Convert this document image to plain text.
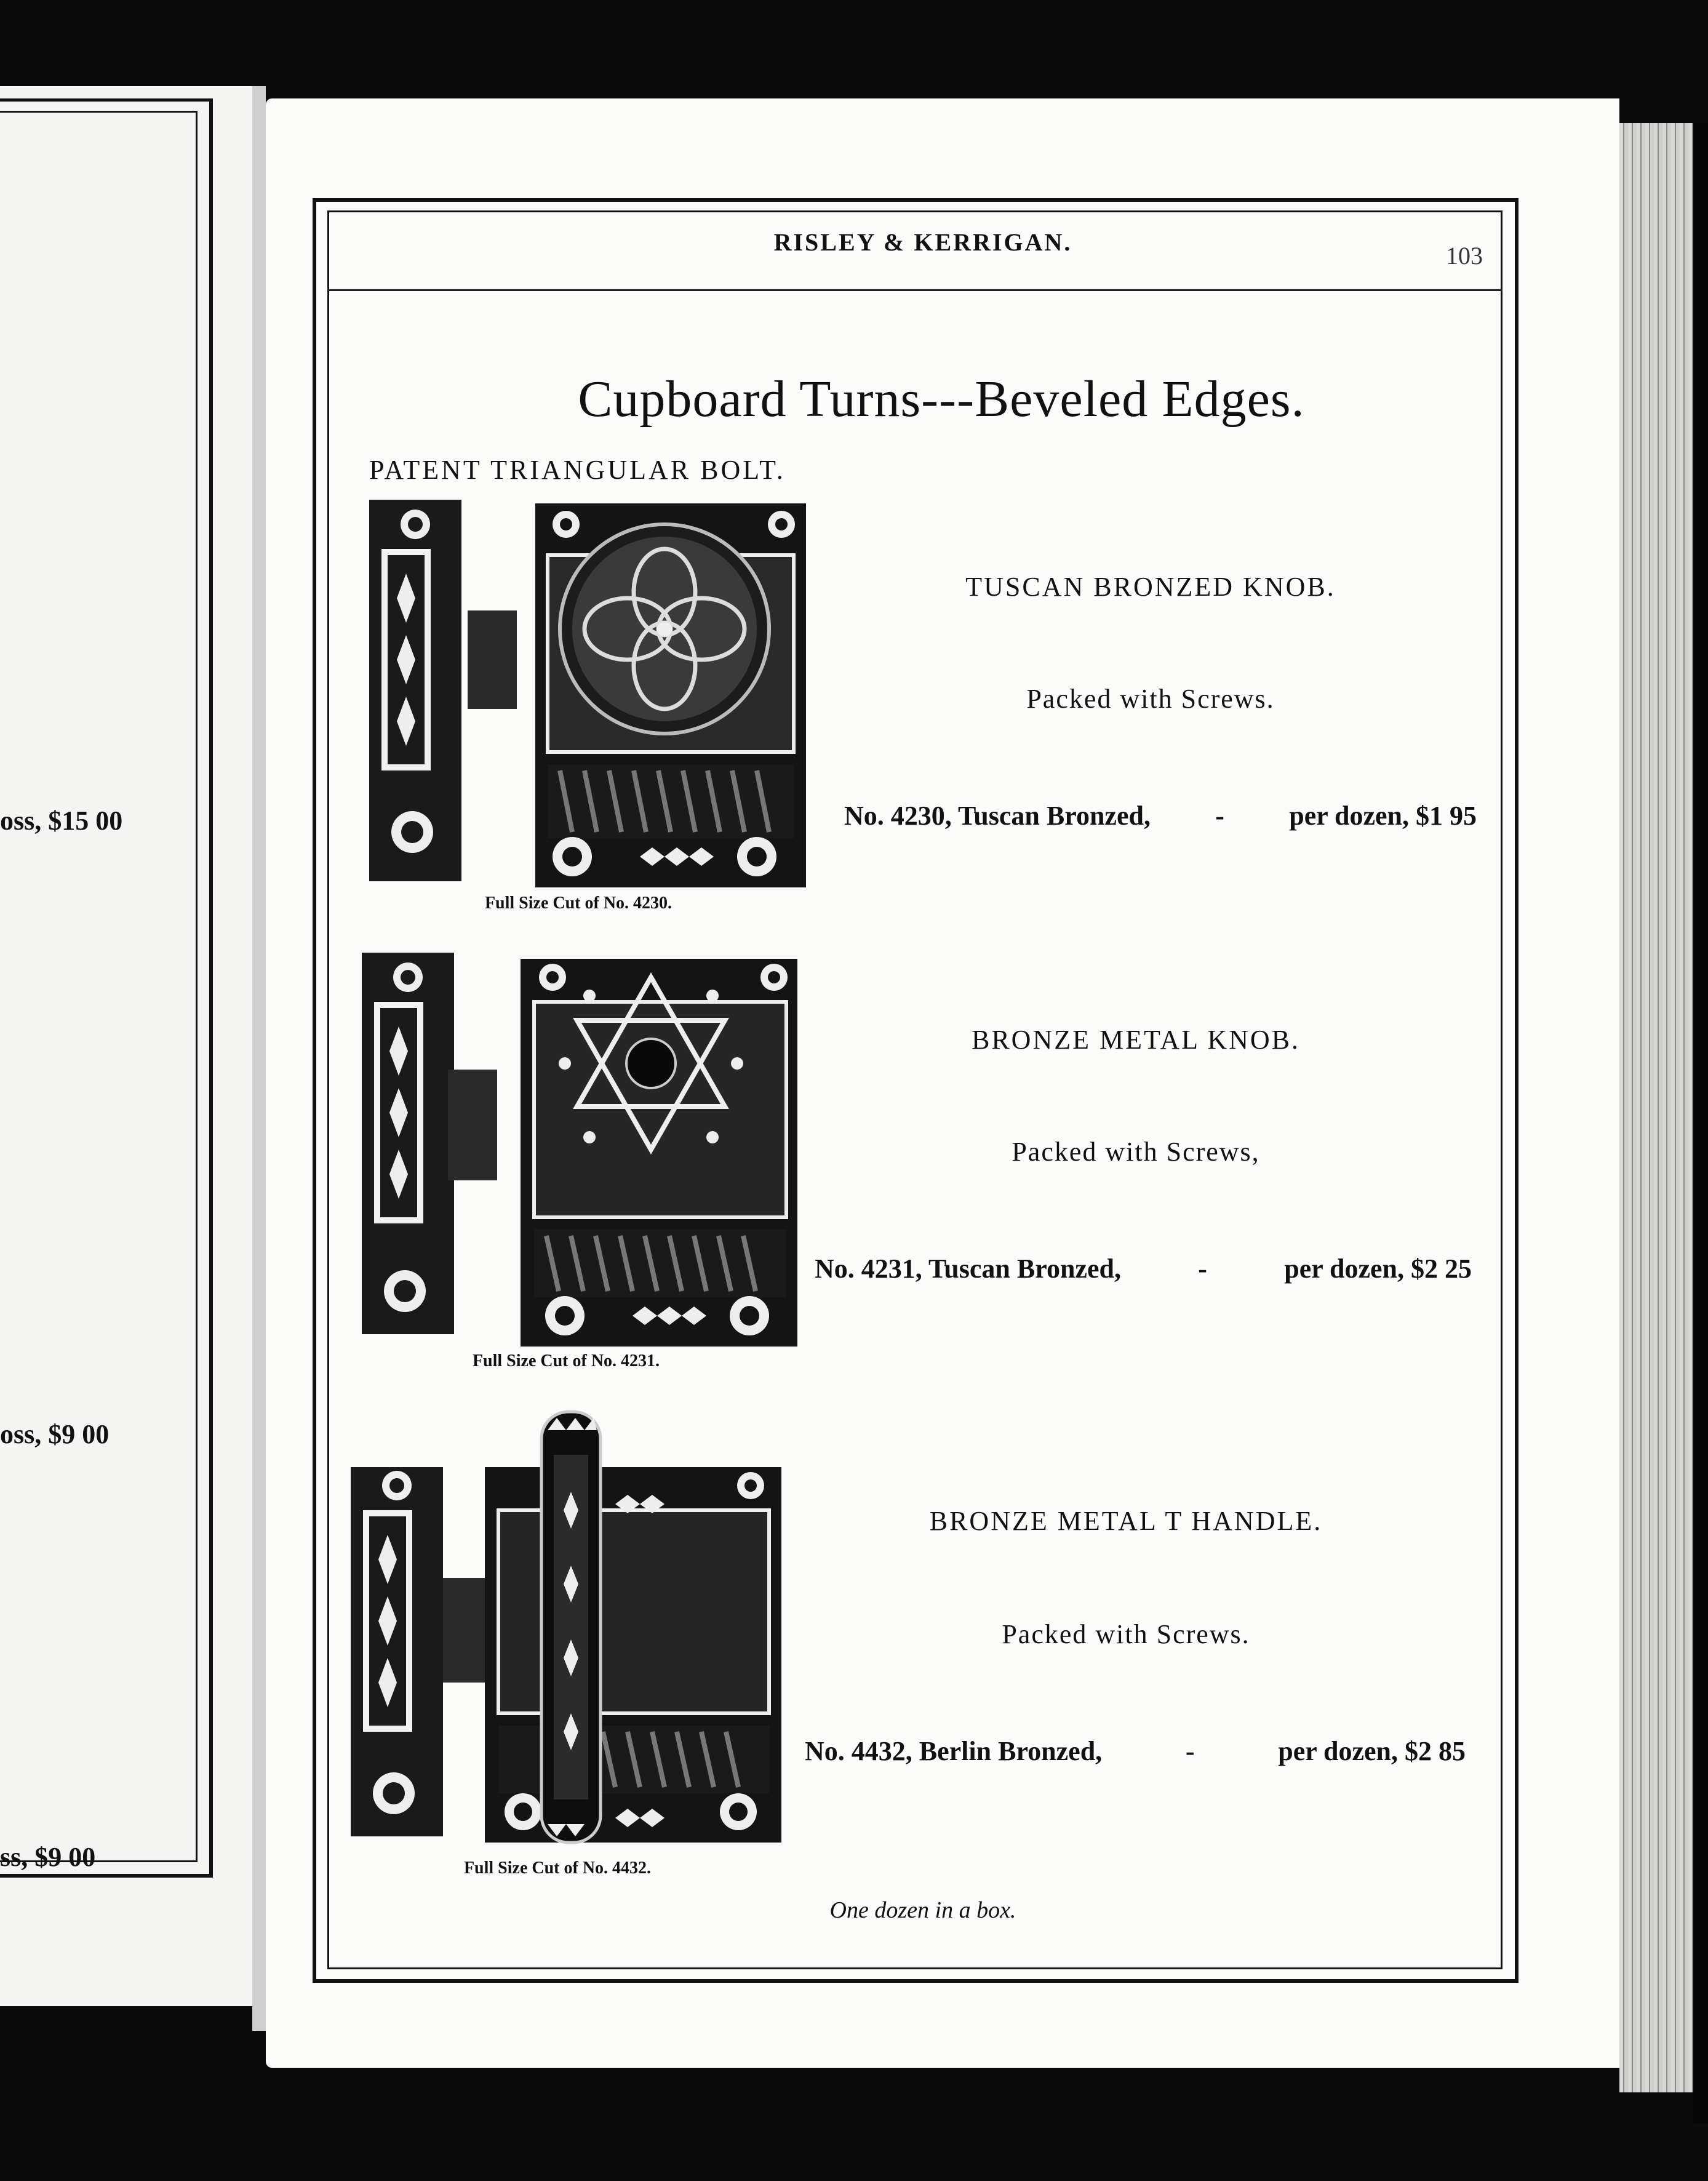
oss, $15 00
oss, $9 00
ss, $9 00
RISLEY & KERRIGAN.	103
Cupboard Turns---Beveled Edges.
PATENT TRIANGULAR BOLT.
Full Size Cut of No. 4230.
TUSCAN BRONZED KNOB.
Packed with Screws.
No. 4230, Tuscan Bronzed, - per dozen, $1 95
Full Size Cut of No. 4231.
BRONZE METAL KNOB.
Packed with Screws,
No. 4231, Tuscan Bronzed,	-	per dozen, $2 25
Full Size Cut of No. 4432.
BRONZE METAL T HANDLE.
Packed with Screws.
No. 4432, Berlin Bronzed,	-	per dozen, $2 85
One dozen in a box.
